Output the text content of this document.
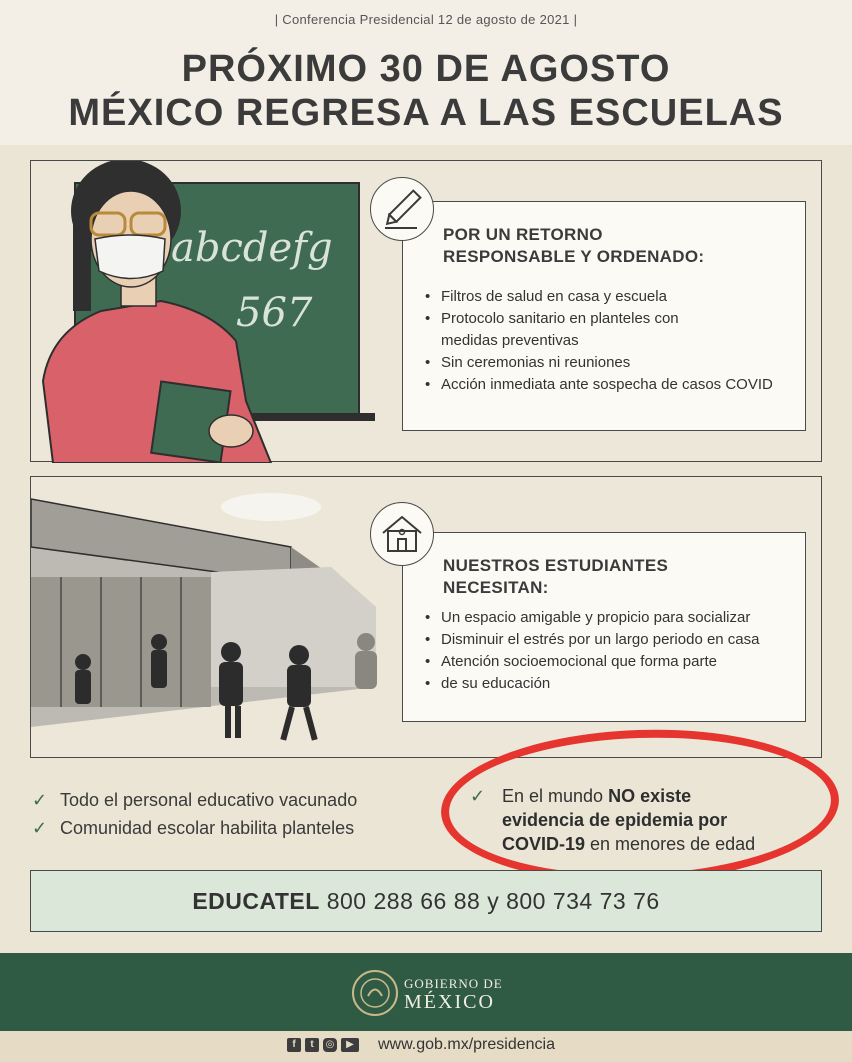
| Conferencia Presidencial 12 de agosto de 2021 |
PRÓXIMO 30 DE AGOSTO
MÉXICO REGRESA A LAS ESCUELAS
abcdefg
567
POR UN RETORNO
RESPONSABLE Y ORDENADO:
• Filtros de salud en casa y escuela
• Protocolo sanitario en planteles con
medidas preventivas
• Sin ceremonias ni reuniones
• Acción inmediata ante sospecha de casos COVID
NUESTROS ESTUDIANTES
NECESITAN:
• Un espacio amigable y propicio para socializar
• Disminuir el estrés por un largo periodo en casa
• Atención socioemocional que forma parte
• de su educación
✓ Todo el personal educativo vacunado
✓ Comunidad escolar habilita planteles
✓ En el mundo NO existe
evidencia de epidemia por
COVID-19 en menores de edad
EDUCATEL 800 288 66 88 y 800 734 73 76
GOBIERNO DE
MÉXICO
f	t	◎	▶	www.gob.mx/presidencia
